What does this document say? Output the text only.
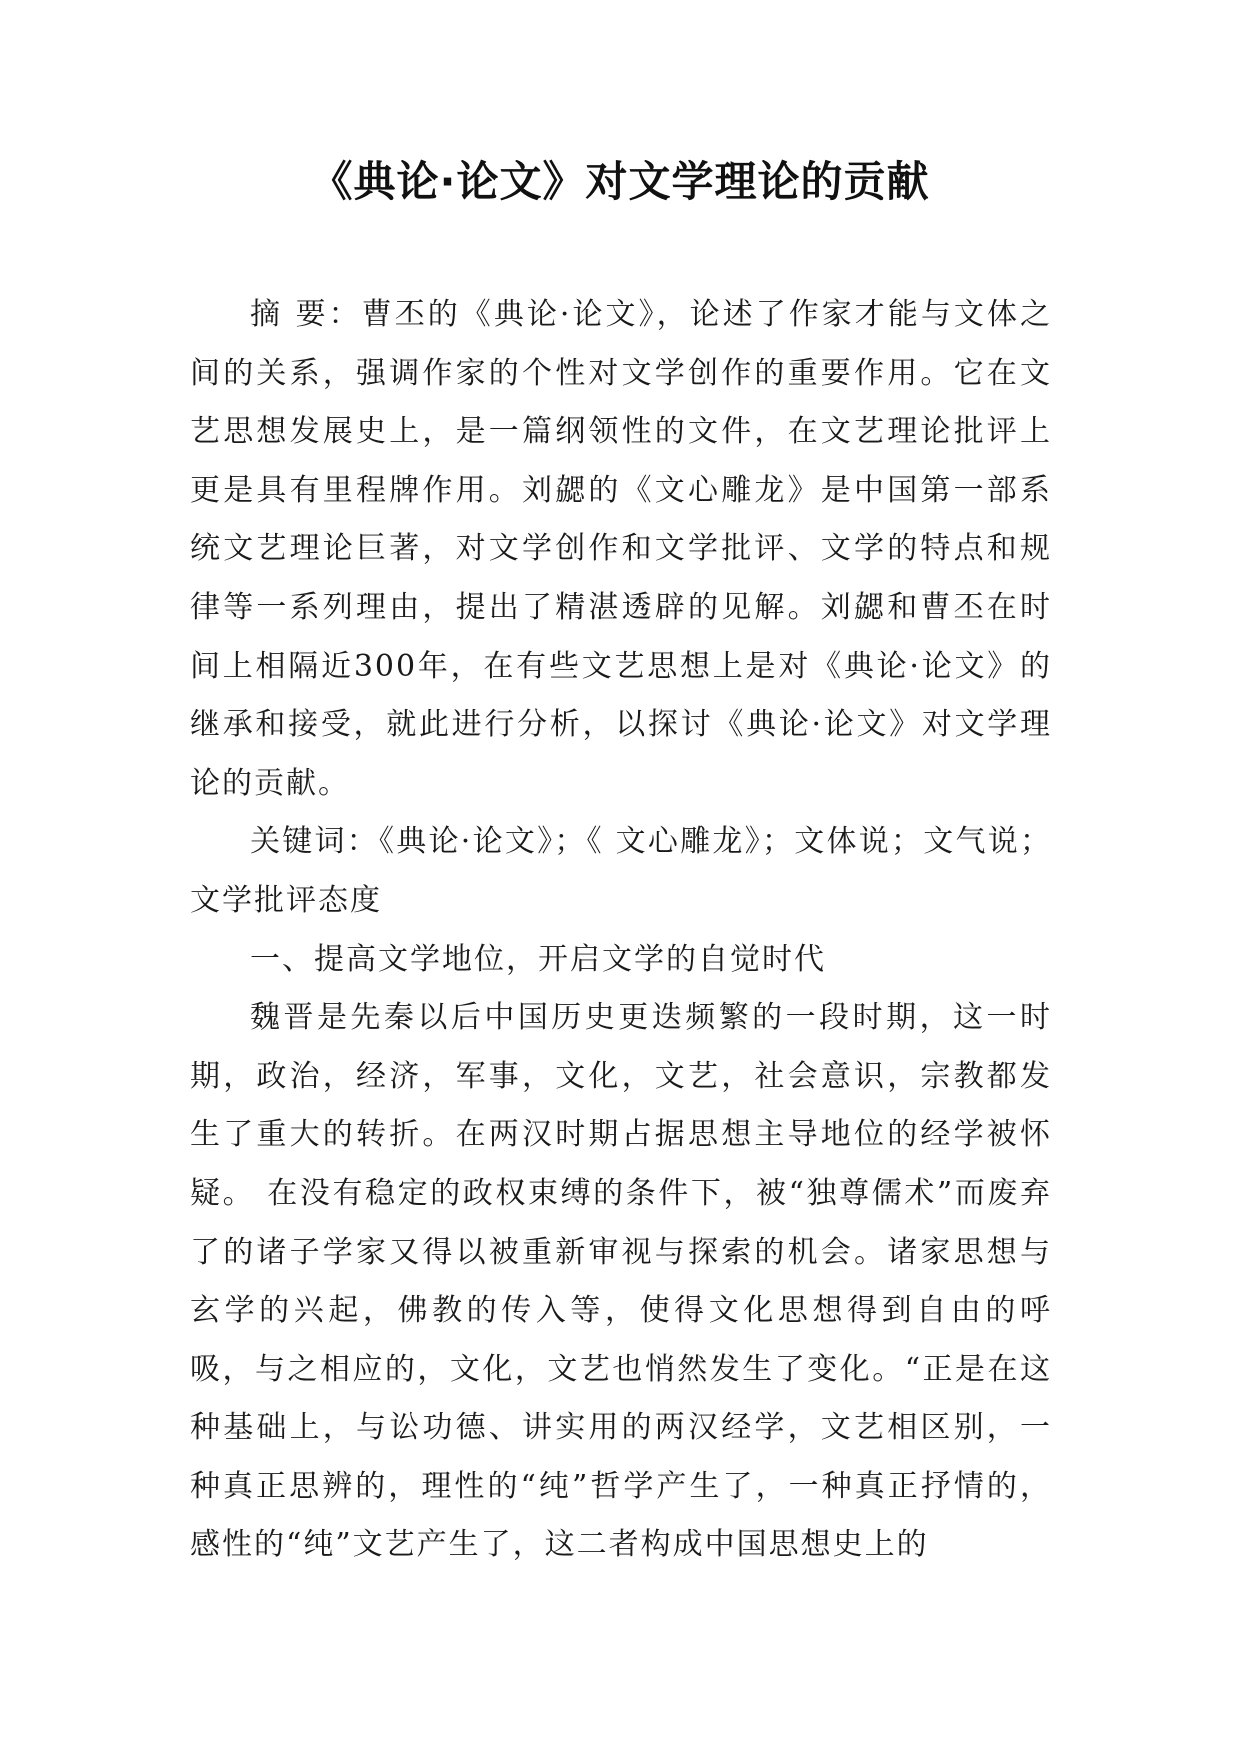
《典论·论文》对文学理论的贡献

摘 要：曹丕的《典论·论文》，论述了作家才能与文体之间的关系，强调作家的个性对文学创作的重要作用。它在文艺思想发展史上，是一篇纲领性的文件，在文艺理论批评上更是具有里程牌作用。刘勰的《文心雕龙》是中国第一部系统文艺理论巨著，对文学创作和文学批评、文学的特点和规律等一系列理由，提出了精湛透辟的见解。刘勰和曹丕在时间上相隔近300年，在有些文艺思想上是对《典论·论文》的继承和接受，就此进行分析，以探讨《典论·论文》对文学理论的贡献。

关键词：《典论·论文》；《 文心雕龙》；文体说；文气说；文学批评态度

一、提高文学地位，开启文学的自觉时代

魏晋是先秦以后中国历史更迭频繁的一段时期，这一时期，政治，经济，军事，文化，文艺，社会意识，宗教都发生了重大的转折。在两汉时期占据思想主导地位的经学被怀疑。 在没有稳定的政权束缚的条件下，被“独尊儒术”而废弃了的诸子学家又得以被重新审视与探索的机会。诸家思想与玄学的兴起，佛教的传入等，使得文化思想得到自由的呼吸，与之相应的，文化，文艺也悄然发生了变化。“正是在这种基础上，与讼功德、讲实用的两汉经学，文艺相区别，一种真正思辨的，理性的“纯”哲学产生了，一种真正抒情的，感性的“纯”文艺产生了，这二者构成中国思想史上的
